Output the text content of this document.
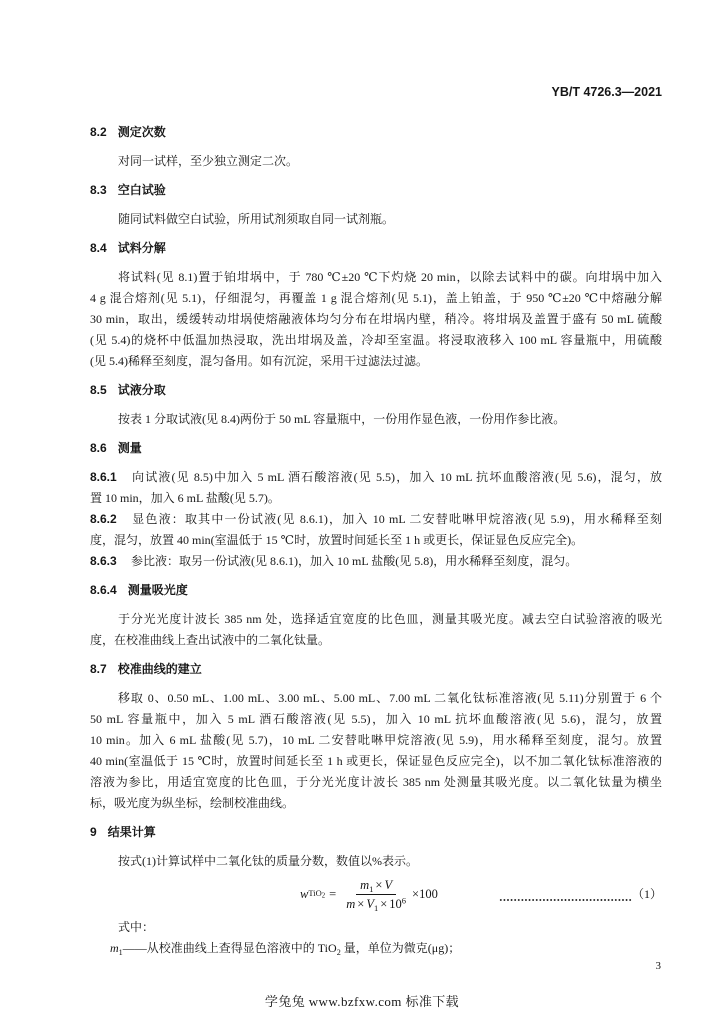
YB/T 4726.3—2021
8.2 测定次数
对同一试样，至少独立测定二次。
8.3 空白试验
随同试料做空白试验，所用试剂须取自同一试剂瓶。
8.4 试料分解
将试料(见 8.1)置于铂坩埚中，于 780 ℃±20 ℃下灼烧 20 min，以除去试料中的碳。向坩埚中加入
4 g 混合熔剂(见 5.1)，仔细混匀，再覆盖 1 g 混合熔剂(见 5.1)，盖上铂盖，于 950 ℃±20 ℃中熔融分解
30 min，取出，缓缓转动坩埚使熔融液体均匀分布在坩埚内壁，稍冷。将坩埚及盖置于盛有 50 mL 硫酸
(见 5.4)的烧杯中低温加热浸取，洗出坩埚及盖，冷却至室温。将浸取液移入 100 mL 容量瓶中，用硫酸
(见 5.4)稀释至刻度，混匀备用。如有沉淀，采用干过滤法过滤。
8.5 试液分取
按表 1 分取试液(见 8.4)两份于 50 mL 容量瓶中，一份用作显色液，一份用作参比液。
8.6 测量
8.6.1 向试液(见 8.5)中加入 5 mL 酒石酸溶液(见 5.5)，加入 10 mL 抗坏血酸溶液(见 5.6)，混匀，放
置 10 min，加入 6 mL 盐酸(见 5.7)。
8.6.2 显色液：取其中一份试液(见 8.6.1)，加入 10 mL 二安替吡啉甲烷溶液(见 5.9)，用水稀释至刻
度，混匀，放置 40 min(室温低于 15 ℃时，放置时间延长至 1 h 或更长，保证显色反应完全)。
8.6.3 参比液：取另一份试液(见 8.6.1)，加入 10 mL 盐酸(见 5.8)，用水稀释至刻度，混匀。
8.6.4 测量吸光度
于分光光度计波长 385 nm 处，选择适宜宽度的比色皿，测量其吸光度。减去空白试验溶液的吸光
度，在校准曲线上查出试液中的二氧化钛量。
8.7 校准曲线的建立
移取 0、0.50 mL、1.00 mL、3.00 mL、5.00 mL、7.00 mL 二氧化钛标准溶液(见 5.11)分别置于 6 个
50 mL 容量瓶中，加入 5 mL 酒石酸溶液(见 5.5)，加入 10 mL 抗坏血酸溶液(见 5.6)，混匀，放置
10 min。加入 6 mL 盐酸(见 5.7)，10 mL 二安替吡啉甲烷溶液(见 5.9)，用水稀释至刻度，混匀。放置
40 min(室温低于 15 ℃时，放置时间延长至 1 h 或更长，保证显色反应完全)，以不加二氧化钛标准溶液的
溶液为参比，用适宜宽度的比色皿，于分光光度计波长 385 nm 处测量其吸光度。以二氧化钛量为横坐
标，吸光度为纵坐标，绘制校准曲线。
9 结果计算
按式(1)计算试样中二氧化钛的质量分数，数值以%表示。
w $TiO_2 = \frac{m_1 \times V}{m \times V_1 \times 10^6} \times 100$	（1）
式中：
$m_1——$从校准曲线上查得显色溶液中的 TiO$_2$ 量，单位为微克(μg)；
3
学兔兔 www.bzfxw.com 标准下载
